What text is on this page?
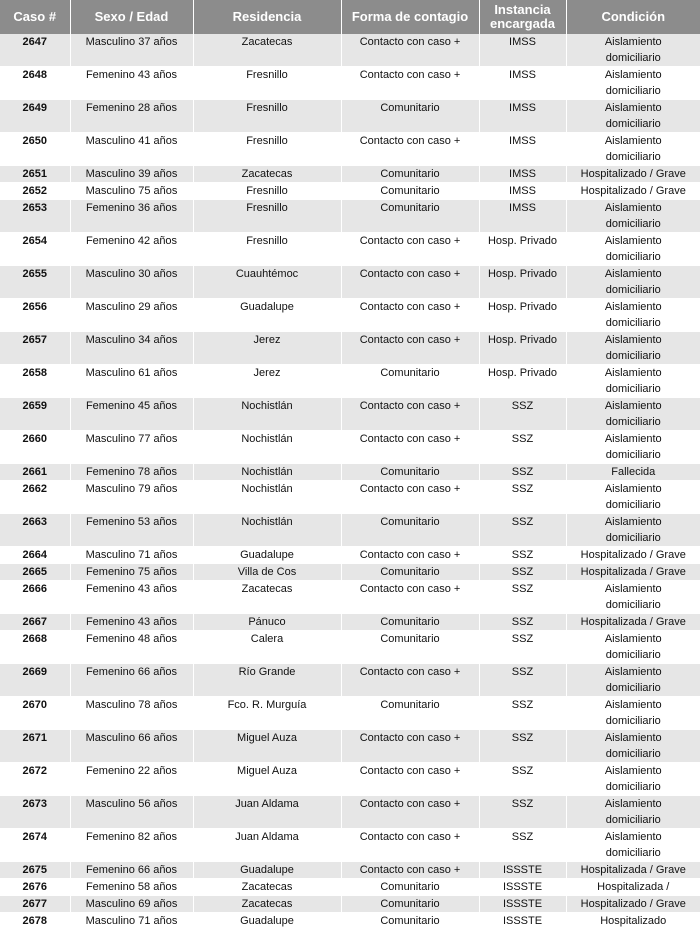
Caso #	Sexo / Edad	Residencia	Forma de contagio	Instancia encargada	Condición
2647	Masculino 37 años	Zacatecas	Contacto con caso +	IMSS	Aislamiento
domiciliario

2648	Femenino 43 años	Fresnillo	Contacto con caso +	IMSS	Aislamiento
domiciliario

2649	Femenino 28 años	Fresnillo	Comunitario	IMSS	Aislamiento
domiciliario

2650	Masculino 41 años	Fresnillo	Contacto con caso +	IMSS	Aislamiento
domiciliario

2651	Masculino 39 años	Zacatecas	Comunitario	IMSS	Hospitalizado / Grave

2652	Masculino 75 años	Fresnillo	Comunitario	IMSS	Hospitalizado / Grave

2653	Femenino 36 años	Fresnillo	Comunitario	IMSS	Aislamiento
domiciliario

2654	Femenino 42 años	Fresnillo	Contacto con caso +	Hosp. Privado	Aislamiento
domiciliario

2655	Masculino 30 años	Cuauhtémoc	Contacto con caso +	Hosp. Privado	Aislamiento
domiciliario

2656	Masculino 29 años	Guadalupe	Contacto con caso +	Hosp. Privado	Aislamiento
domiciliario

2657	Masculino 34 años	Jerez	Contacto con caso +	Hosp. Privado	Aislamiento
domiciliario

2658	Masculino 61 años	Jerez	Comunitario	Hosp. Privado	Aislamiento
domiciliario

2659	Femenino 45 años	Nochistlán	Contacto con caso +	SSZ	Aislamiento
domiciliario

2660	Masculino 77 años	Nochistlán	Contacto con caso +	SSZ	Aislamiento
domiciliario

2661	Femenino 78 años	Nochistlán	Comunitario	SSZ	Fallecida

2662	Masculino 79 años	Nochistlán	Contacto con caso +	SSZ	Aislamiento
domiciliario

2663	Femenino 53 años	Nochistlán	Comunitario	SSZ	Aislamiento
domiciliario

2664	Masculino 71 años	Guadalupe	Contacto con caso +	SSZ	Hospitalizado / Grave

2665	Femenino 75 años	Villa de Cos	Comunitario	SSZ	Hospitalizada / Grave

2666	Femenino 43 años	Zacatecas	Contacto con caso +	SSZ	Aislamiento
domiciliario

2667	Femenino 43 años	Pánuco	Comunitario	SSZ	Hospitalizada / Grave

2668	Femenino 48 años	Calera	Comunitario	SSZ	Aislamiento
domiciliario

2669	Femenino 66 años	Río Grande	Contacto con caso +	SSZ	Aislamiento
domiciliario

2670	Masculino 78 años	Fco. R. Murguía	Comunitario	SSZ	Aislamiento
domiciliario

2671	Masculino 66 años	Miguel Auza	Contacto con caso +	SSZ	Aislamiento
domiciliario

2672	Femenino 22 años	Miguel Auza	Contacto con caso +	SSZ	Aislamiento
domiciliario

2673	Masculino 56 años	Juan Aldama	Contacto con caso +	SSZ	Aislamiento
domiciliario

2674	Femenino 82 años	Juan Aldama	Contacto con caso +	SSZ	Aislamiento
domiciliario

2675	Femenino 66 años	Guadalupe	Contacto con caso +	ISSSTE	Hospitalizada / Grave

2676	Femenino 58 años	Zacatecas	Comunitario	ISSSTE	Hospitalizada /

2677	Masculino 69 años	Zacatecas	Comunitario	ISSSTE	Hospitalizado / Grave

2678	Masculino 71 años	Guadalupe	Comunitario	ISSSTE	Hospitalizado
